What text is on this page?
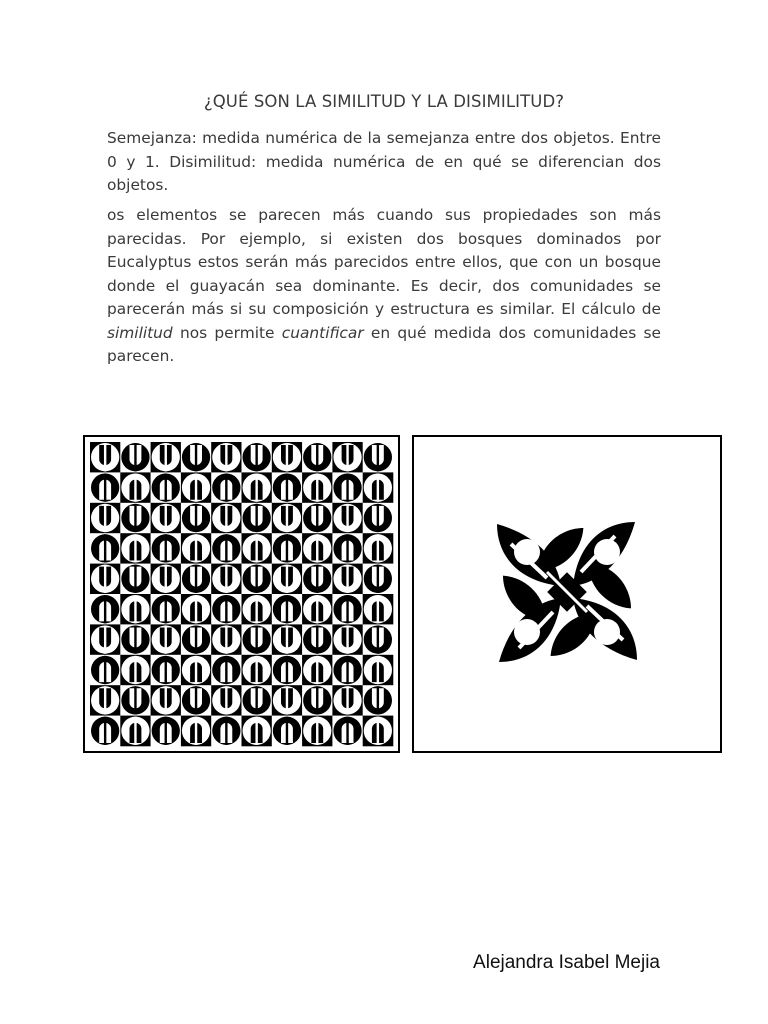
¿QUÉ SON LA SIMILITUD Y LA DISIMILITUD?

Semejanza: medida numérica de la semejanza entre dos objetos. Entre 0 y 1. Disimilitud: medida numérica de en qué se diferencian dos objetos.

os elementos se parecen más cuando sus propiedades son más parecidas. Por ejemplo, si existen dos bosques dominados por Eucalyptus estos serán más parecidos entre ellos, que con un bosque donde el guayacán sea dominante. Es decir, dos comunidades se parecerán más si su composición y estructura es similar. El cálculo de similitud nos permite cuantificar en qué medida dos comunidades se parecen.

Alejandra Isabel Mejia
